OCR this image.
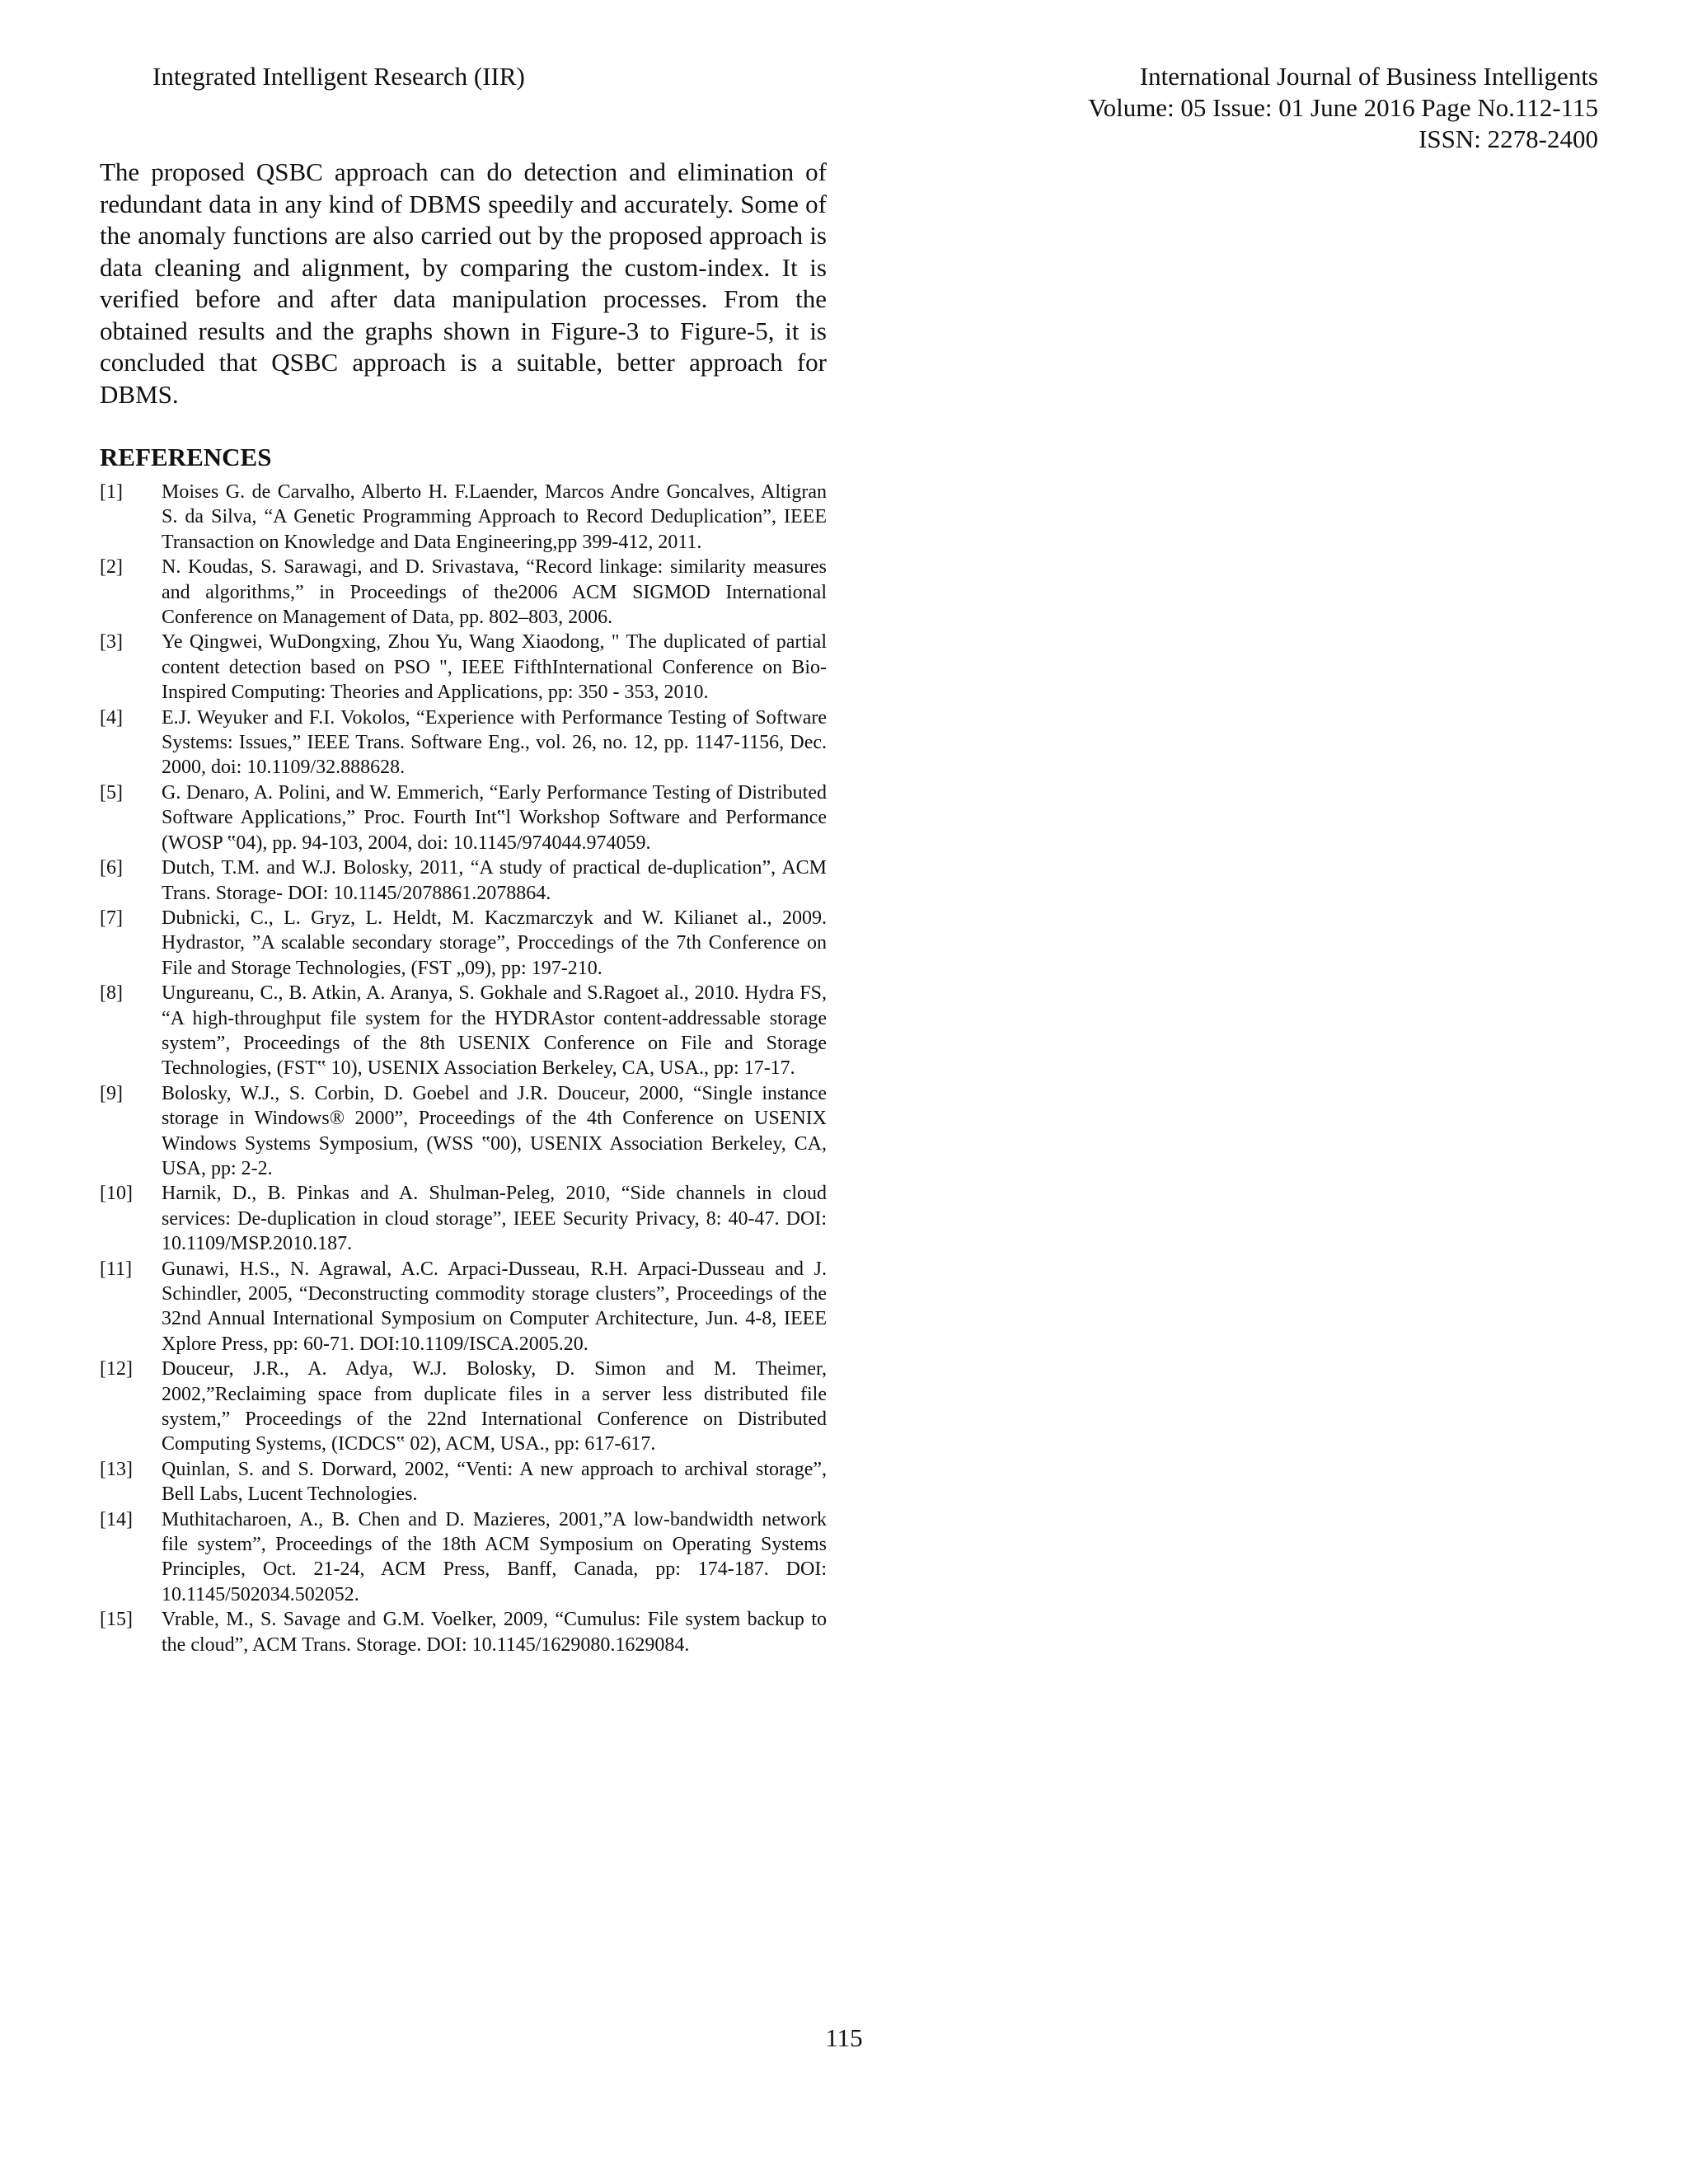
Integrated Intelligent Research (IIR)	International Journal of Business Intelligents
Volume: 05 Issue: 01 June 2016 Page No.112-115
ISSN: 2278-2400

The proposed QSBC approach can do detection and elimination of redundant data in any kind of DBMS speedily and accurately. Some of the anomaly functions are also carried out by the proposed approach is data cleaning and alignment, by comparing the custom-index. It is verified before and after data manipulation processes. From the obtained results and the graphs shown in Figure-3 to Figure-5, it is concluded that QSBC approach is a suitable, better approach for DBMS.

REFERENCES
[1]	Moises G. de Carvalho, Alberto H. F.Laender, Marcos Andre Goncalves, Altigran S. da Silva, “A Genetic Programming Approach to Record Deduplication”, IEEE Transaction on Knowledge and Data Engineering,pp 399-412, 2011.
[2]	N. Koudas, S. Sarawagi, and D. Srivastava, “Record linkage: similarity measures and algorithms,” in Proceedings of the2006 ACM SIGMOD International Conference on Management of Data, pp. 802–803, 2006.
[3]	Ye Qingwei, WuDongxing, Zhou Yu, Wang Xiaodong, " The duplicated of partial content detection based on PSO ", IEEE FifthInternational Conference on Bio-Inspired Computing: Theories and Applications, pp: 350 - 353, 2010.
[4]	E.J. Weyuker and F.I. Vokolos, “Experience with Performance Testing of Software Systems: Issues,” IEEE Trans. Software Eng., vol. 26, no. 12, pp. 1147-1156, Dec. 2000, doi: 10.1109/32.888628.
[5]	G. Denaro, A. Polini, and W. Emmerich, “Early Performance Testing of Distributed Software Applications,” Proc. Fourth Int‟l Workshop Software and Performance (WOSP ‟04), pp. 94-103, 2004, doi: 10.1145/974044.974059.
[6]	Dutch, T.M. and W.J. Bolosky, 2011, “A study of practical de-duplication”, ACM Trans. Storage- DOI: 10.1145/2078861.2078864.
[7]	Dubnicki, C., L. Gryz, L. Heldt, M. Kaczmarczyk and W. Kilianet al., 2009. Hydrastor, ”A scalable secondary storage”, Proccedings of the 7th Conference on File and Storage Technologies, (FST „09), pp: 197-210.
[8]	Ungureanu, C., B. Atkin, A. Aranya, S. Gokhale and S.Ragoet al., 2010. Hydra FS, “A high-throughput file system for the HYDRAstor content-addressable storage system”, Proceedings of the 8th USENIX Conference on File and Storage Technologies, (FST‟ 10), USENIX Association Berkeley, CA, USA., pp: 17-17.
[9]	Bolosky, W.J., S. Corbin, D. Goebel and J.R. Douceur, 2000, “Single instance storage in Windows® 2000”, Proceedings of the 4th Conference on USENIX Windows Systems Symposium, (WSS ‟00), USENIX Association Berkeley, CA, USA, pp: 2-2.
[10]	Harnik, D., B. Pinkas and A. Shulman-Peleg, 2010, “Side channels in cloud services: De-duplication in cloud storage”, IEEE Security Privacy, 8: 40-47. DOI: 10.1109/MSP.2010.187.
[11]	Gunawi, H.S., N. Agrawal, A.C. Arpaci-Dusseau, R.H. Arpaci-Dusseau and J. Schindler, 2005, “Deconstructing commodity storage clusters”, Proceedings of the 32nd Annual International Symposium on Computer Architecture, Jun. 4-8, IEEE Xplore Press, pp: 60-71. DOI:10.1109/ISCA.2005.20.
[12]	Douceur, J.R., A. Adya, W.J. Bolosky, D. Simon and M. Theimer, 2002,”Reclaiming space from duplicate files in a server less distributed file system,” Proceedings of the 22nd International Conference on Distributed Computing Systems, (ICDCS‟ 02), ACM, USA., pp: 617-617.
[13]	Quinlan, S. and S. Dorward, 2002, “Venti: A new approach to archival storage”, Bell Labs, Lucent Technologies.
[14]	Muthitacharoen, A., B. Chen and D. Mazieres, 2001,”A low-bandwidth network file system”, Proceedings of the 18th ACM Symposium on Operating Systems Principles, Oct. 21-24, ACM Press, Banff, Canada, pp: 174-187. DOI: 10.1145/502034.502052.
[15]	Vrable, M., S. Savage and G.M. Voelker, 2009, “Cumulus: File system backup to the cloud”, ACM Trans. Storage. DOI: 10.1145/1629080.1629084.
115
